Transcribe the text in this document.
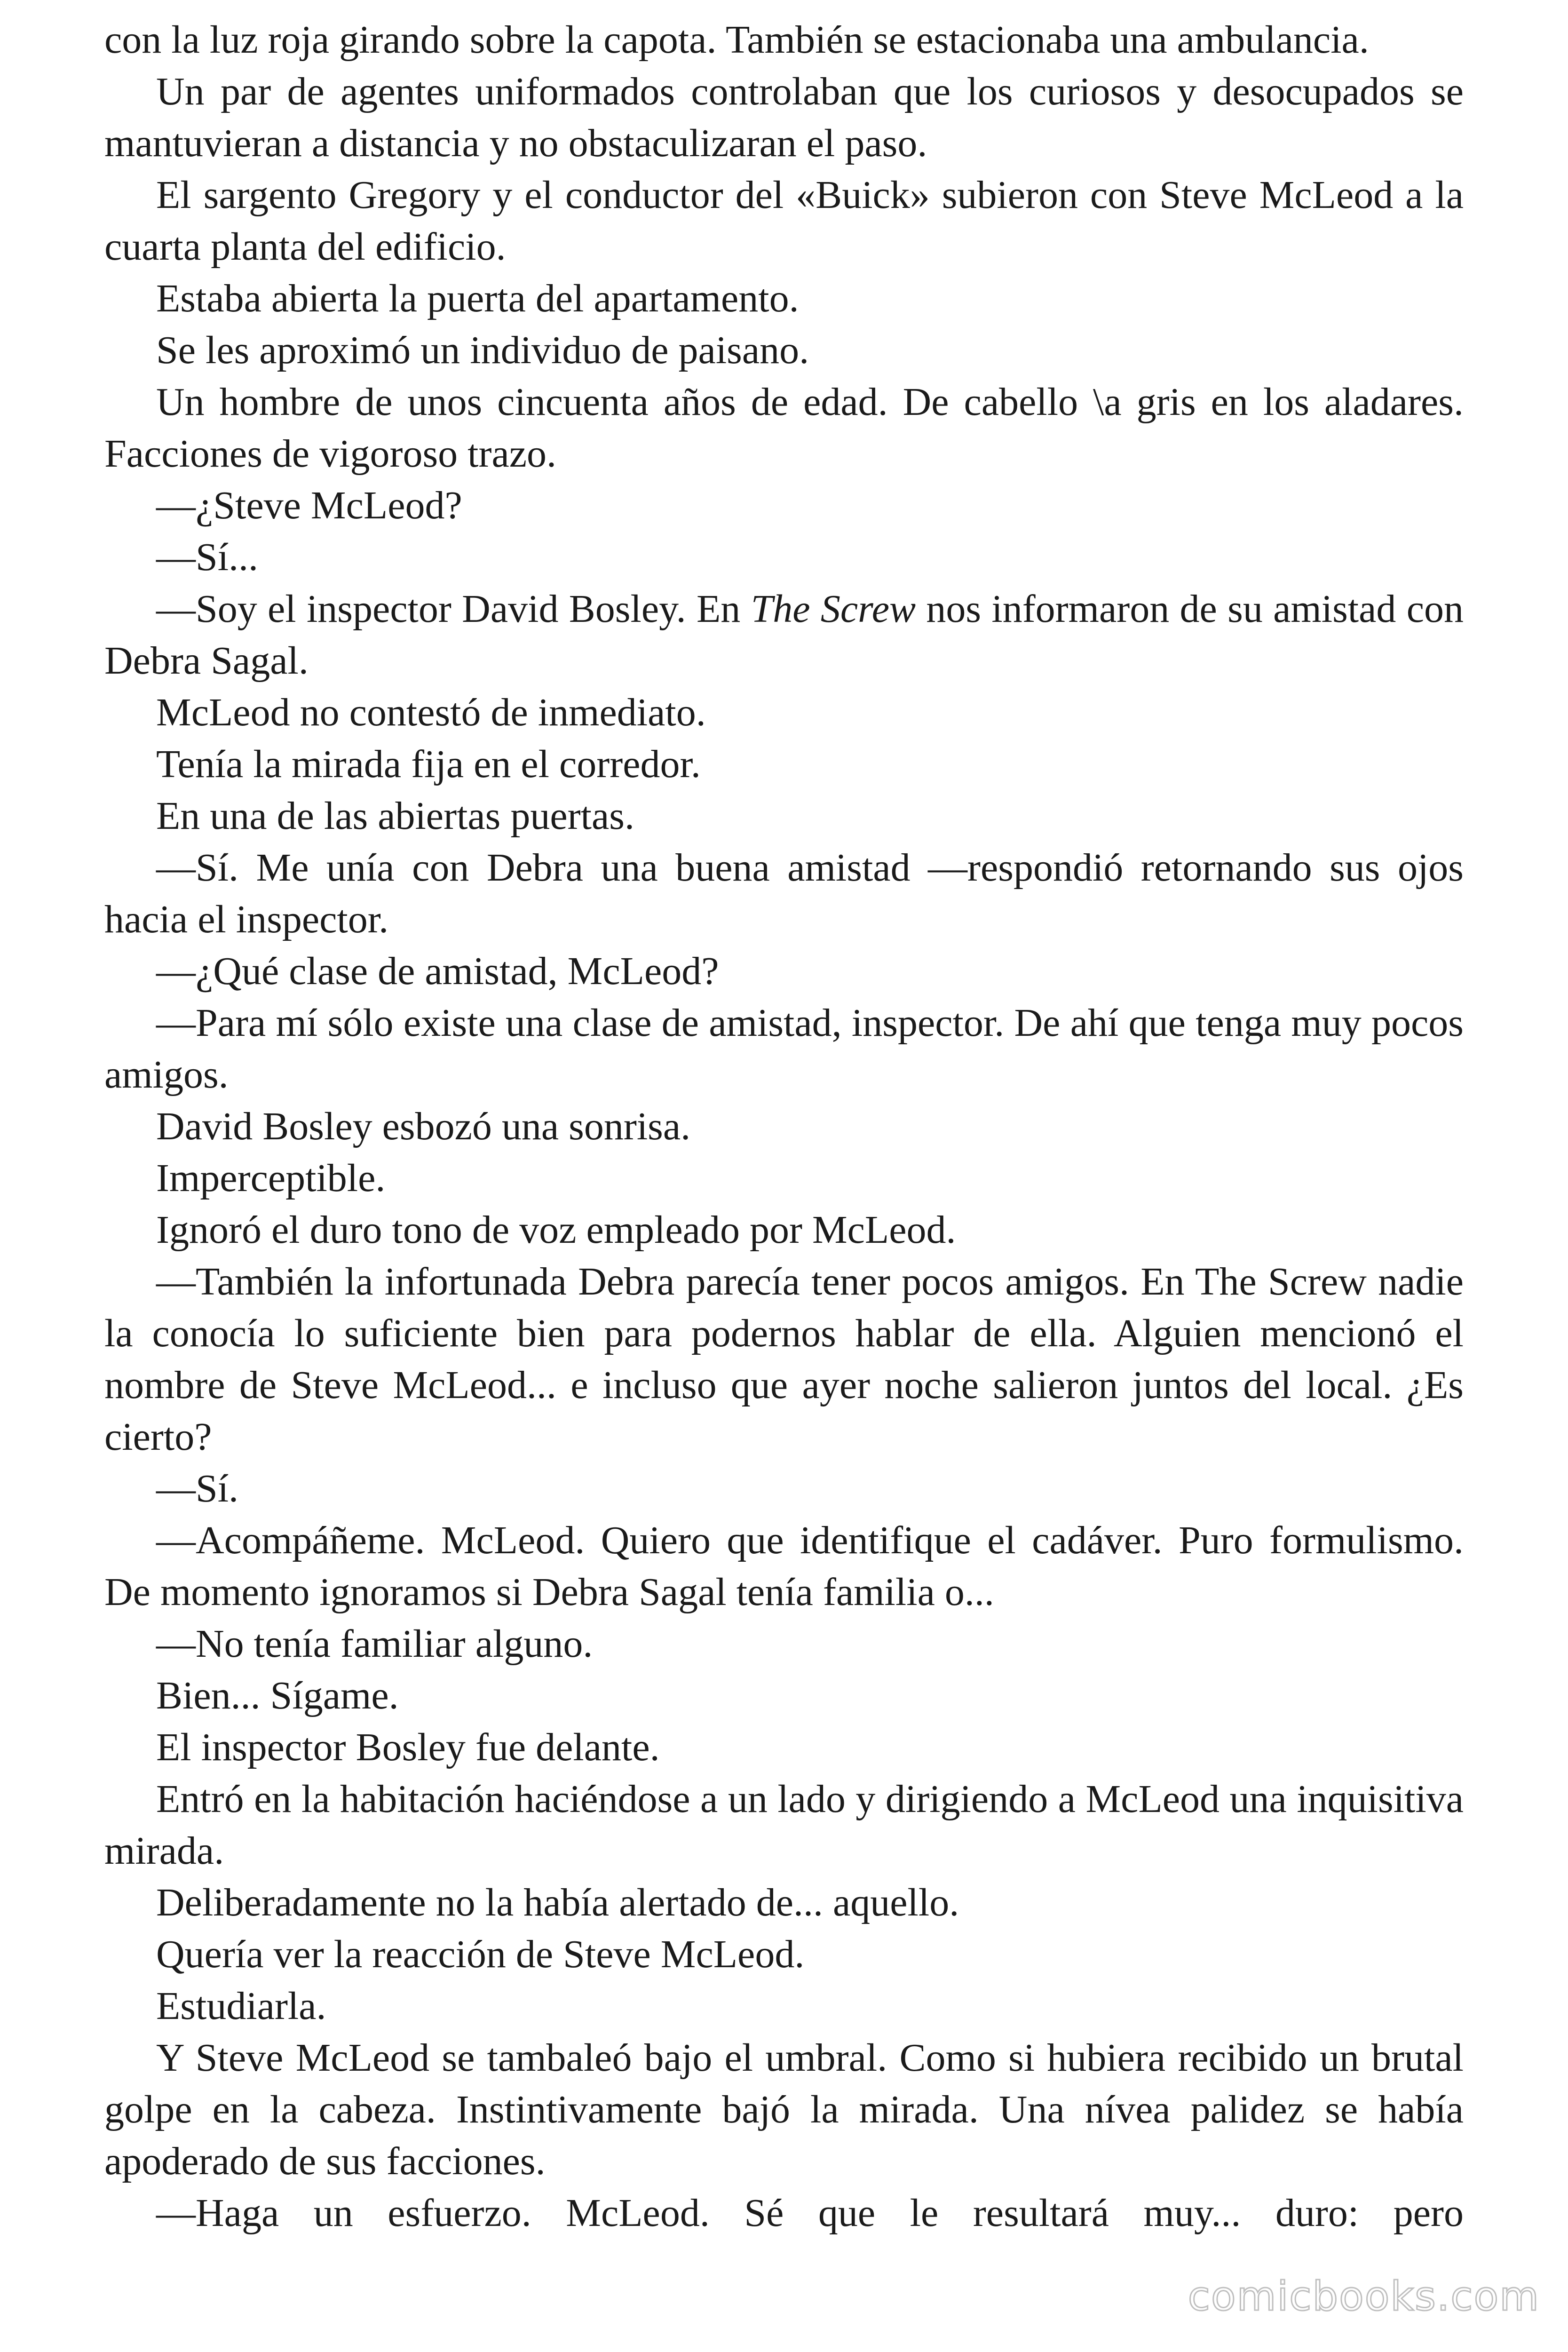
con la luz roja girando sobre la capota. También se estacionaba una ambulancia.

Un par de agentes uniformados controlaban que los curiosos y desocupados se mantuvieran a distancia y no obstaculizaran el paso.

El sargento Gregory y el conductor del «Buick» subieron con Steve McLeod a la cuarta planta del edificio.

Estaba abierta la puerta del apartamento.

Se les aproximó un individuo de paisano.

Un hombre de unos cincuenta años de edad. De cabello \a gris en los aladares. Facciones de vigoroso trazo.

—¿Steve McLeod?

—Sí...

—Soy el inspector David Bosley. En The Screw nos informaron de su amistad con Debra Sagal.

McLeod no contestó de inmediato.

Tenía la mirada fija en el corredor.

En una de las abiertas puertas.

—Sí. Me unía con Debra una buena amistad —respondió retornando sus ojos hacia el inspector.

—¿Qué clase de amistad, McLeod?

—Para mí sólo existe una clase de amistad, inspector. De ahí que tenga muy pocos amigos.

David Bosley esbozó una sonrisa.

Imperceptible.

Ignoró el duro tono de voz empleado por McLeod.

—También la infortunada Debra parecía tener pocos amigos. En The Screw nadie la conocía lo suficiente bien para podernos hablar de ella. Alguien mencionó el nombre de Steve McLeod... e incluso que ayer noche salieron juntos del local. ¿Es cierto?

—Sí.

—Acompáñeme. McLeod. Quiero que identifique el cadáver. Puro formulismo. De momento ignoramos si Debra Sagal tenía familia o...

—No tenía familiar alguno.

Bien... Sígame.

El inspector Bosley fue delante.

Entró en la habitación haciéndose a un lado y dirigiendo a McLeod una inquisitiva mirada.

Deliberadamente no la había alertado de... aquello.

Quería ver la reacción de Steve McLeod.

Estudiarla.

Y Steve McLeod se tambaleó bajo el umbral. Como si hubiera recibido un brutal golpe en la cabeza. Instintivamente bajó la mirada. Una nívea palidez se había apoderado de sus facciones.

—Haga un esfuerzo. McLeod. Sé que le resultará muy... duro: pero

comicbooks.com
